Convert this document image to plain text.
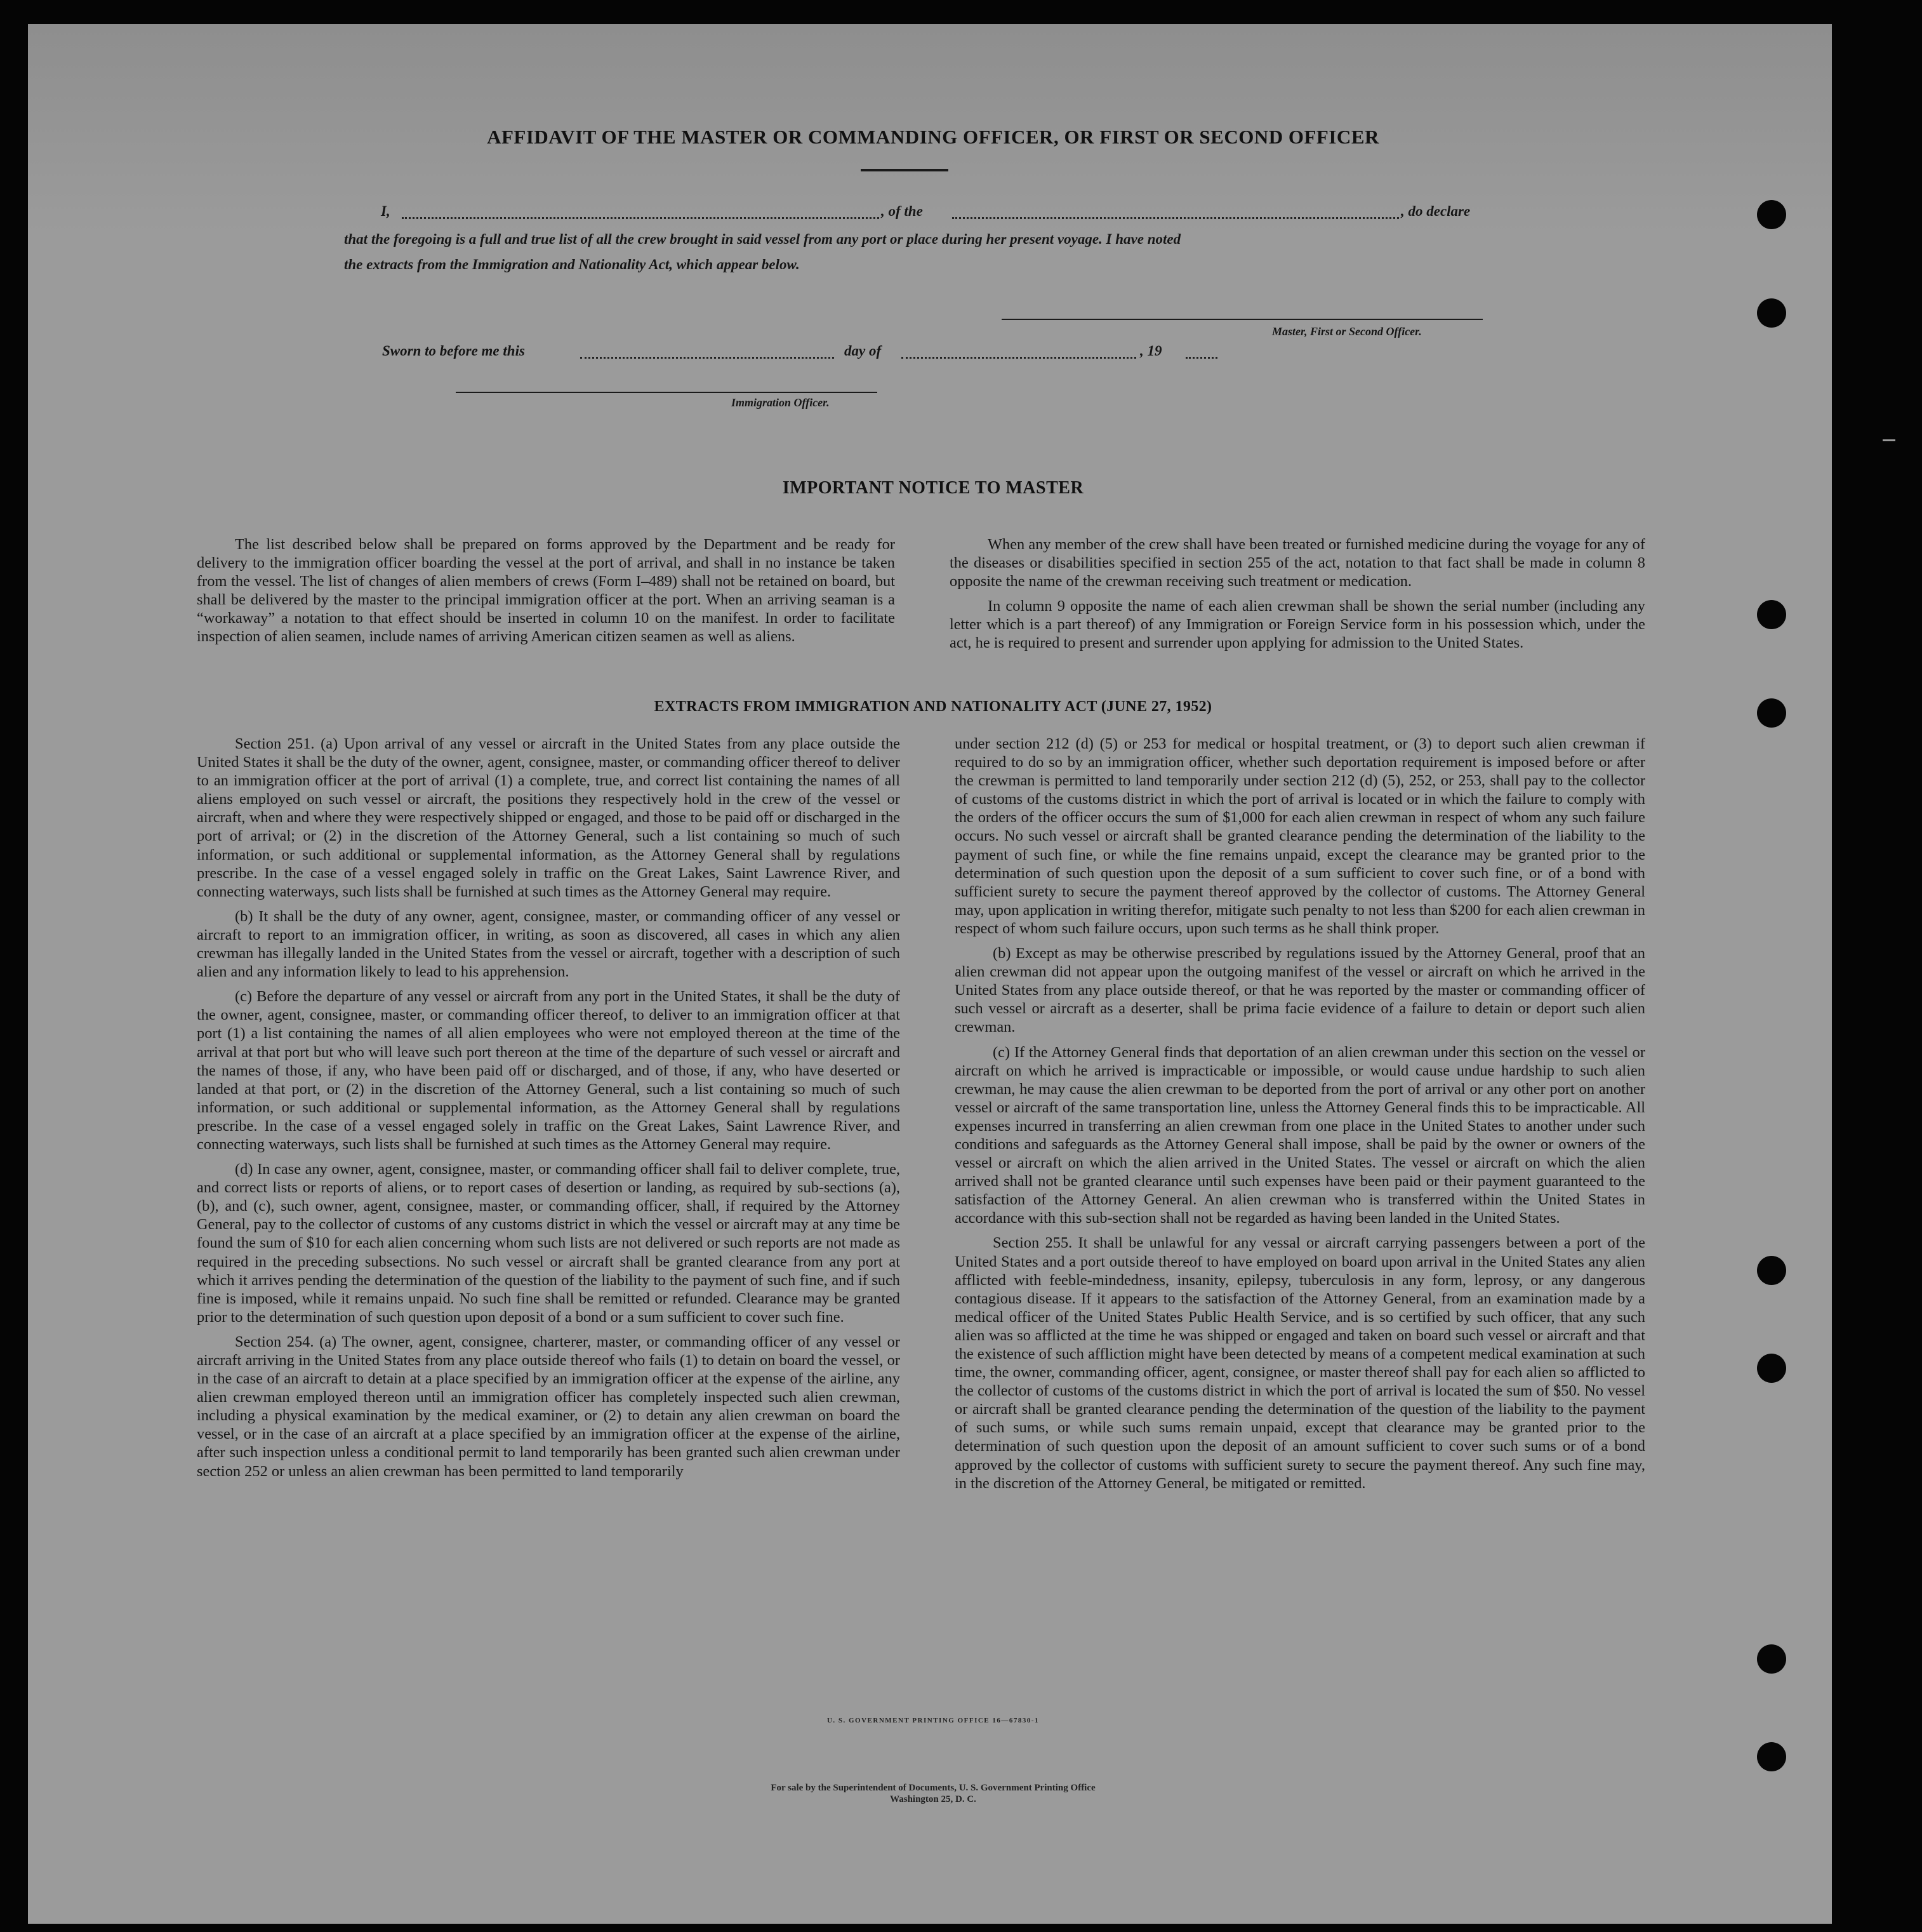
AFFIDAVIT OF THE MASTER OR COMMANDING OFFICER, OR FIRST OR SECOND OFFICER
I,	, of the	, do declare
that the foregoing is a full and true list of all the crew brought in said vessel from any port or place during her present voyage. I have noted
the extracts from the Immigration and Nationality Act, which appear below.
Master, First or Second Officer.
Sworn to before me this	day of	, 19
Immigration Officer.
IMPORTANT NOTICE TO MASTER

The list described below shall be prepared on forms approved by the Department and be ready for delivery to the immigration officer boarding the vessel at the port of arrival, and shall in no instance be taken from the vessel. The list of changes of alien members of crews (Form I–489) shall not be retained on board, but shall be delivered by the master to the principal immigration officer at the port. When an arriving seaman is a “workaway” a notation to that effect should be inserted in column 10 on the manifest. In order to facilitate inspection of alien seamen, include names of arriving American citizen seamen as well as aliens.

When any member of the crew shall have been treated or furnished medicine during the voyage for any of the diseases or disabilities specified in section 255 of the act, notation to that fact shall be made in column 8 opposite the name of the crewman receiving such treatment or medication.

In column 9 opposite the name of each alien crewman shall be shown the serial number (including any letter which is a part thereof) of any Immigration or Foreign Service form in his possession which, under the act, he is required to present and surrender upon applying for admission to the United States.

EXTRACTS FROM IMMIGRATION AND NATIONALITY ACT (JUNE 27, 1952)

Section 251. (a) Upon arrival of any vessel or aircraft in the United States from any place outside the United States it shall be the duty of the owner, agent, consignee, master, or commanding officer thereof to deliver to an immigration officer at the port of arrival (1) a complete, true, and correct list containing the names of all aliens employed on such vessel or aircraft, the positions they respectively hold in the crew of the vessel or aircraft, when and where they were respectively shipped or engaged, and those to be paid off or discharged in the port of arrival; or (2) in the discretion of the Attorney General, such a list containing so much of such information, or such additional or supplemental information, as the Attorney General shall by regulations prescribe. In the case of a vessel engaged solely in traffic on the Great Lakes, Saint Lawrence River, and connecting waterways, such lists shall be furnished at such times as the Attorney General may require.

(b) It shall be the duty of any owner, agent, consignee, master, or commanding officer of any vessel or aircraft to report to an immigration officer, in writing, as soon as discovered, all cases in which any alien crewman has illegally landed in the United States from the vessel or aircraft, together with a description of such alien and any information likely to lead to his apprehension.

(c) Before the departure of any vessel or aircraft from any port in the United States, it shall be the duty of the owner, agent, consignee, master, or commanding officer thereof, to deliver to an immigration officer at that port (1) a list containing the names of all alien employees who were not employed thereon at the time of the arrival at that port but who will leave such port thereon at the time of the departure of such vessel or aircraft and the names of those, if any, who have been paid off or discharged, and of those, if any, who have deserted or landed at that port, or (2) in the discretion of the Attorney General, such a list containing so much of such information, or such additional or supplemental information, as the Attorney General shall by regulations prescribe. In the case of a vessel engaged solely in traffic on the Great Lakes, Saint Lawrence River, and connecting waterways, such lists shall be furnished at such times as the Attorney General may require.

(d) In case any owner, agent, consignee, master, or commanding officer shall fail to deliver complete, true, and correct lists or reports of aliens, or to report cases of desertion or landing, as required by sub-sections (a), (b), and (c), such owner, agent, consignee, master, or commanding officer, shall, if required by the Attorney General, pay to the collector of customs of any customs district in which the vessel or aircraft may at any time be found the sum of $10 for each alien concerning whom such lists are not delivered or such reports are not made as required in the preceding subsections. No such vessel or aircraft shall be granted clearance from any port at which it arrives pending the determination of the question of the liability to the payment of such fine, and if such fine is imposed, while it remains unpaid. No such fine shall be remitted or refunded. Clearance may be granted prior to the determination of such question upon deposit of a bond or a sum sufficient to cover such fine.

Section 254. (a) The owner, agent, consignee, charterer, master, or commanding officer of any vessel or aircraft arriving in the United States from any place outside thereof who fails (1) to detain on board the vessel, or in the case of an aircraft to detain at a place specified by an immigration officer at the expense of the airline, any alien crewman employed thereon until an immigration officer has completely inspected such alien crewman, including a physical examination by the medical examiner, or (2) to detain any alien crewman on board the vessel, or in the case of an aircraft at a place specified by an immigration officer at the expense of the airline, after such inspection unless a conditional permit to land temporarily has been granted such alien crewman under section 252 or unless an alien crewman has been permitted to land temporarily

under section 212 (d) (5) or 253 for medical or hospital treatment, or (3) to deport such alien crewman if required to do so by an immigration officer, whether such deportation requirement is imposed before or after the crewman is permitted to land temporarily under section 212 (d) (5), 252, or 253, shall pay to the collector of customs of the customs district in which the port of arrival is located or in which the failure to comply with the orders of the officer occurs the sum of $1,000 for each alien crewman in respect of whom any such failure occurs. No such vessel or aircraft shall be granted clearance pending the determination of the liability to the payment of such fine, or while the fine remains unpaid, except the clearance may be granted prior to the determination of such question upon the deposit of a sum sufficient to cover such fine, or of a bond with sufficient surety to secure the payment thereof approved by the collector of customs. The Attorney General may, upon application in writing therefor, mitigate such penalty to not less than $200 for each alien crewman in respect of whom such failure occurs, upon such terms as he shall think proper.

(b) Except as may be otherwise prescribed by regulations issued by the Attorney General, proof that an alien crewman did not appear upon the outgoing manifest of the vessel or aircraft on which he arrived in the United States from any place outside thereof, or that he was reported by the master or commanding officer of such vessel or aircraft as a deserter, shall be prima facie evidence of a failure to detain or deport such alien crewman.

(c) If the Attorney General finds that deportation of an alien crewman under this section on the vessel or aircraft on which he arrived is impracticable or impossible, or would cause undue hardship to such alien crewman, he may cause the alien crewman to be deported from the port of arrival or any other port on another vessel or aircraft of the same transportation line, unless the Attorney General finds this to be impracticable. All expenses incurred in transferring an alien crewman from one place in the United States to another under such conditions and safeguards as the Attorney General shall impose, shall be paid by the owner or owners of the vessel or aircraft on which the alien arrived in the United States. The vessel or aircraft on which the alien arrived shall not be granted clearance until such expenses have been paid or their payment guaranteed to the satisfaction of the Attorney General. An alien crewman who is transferred within the United States in accordance with this sub-section shall not be regarded as having been landed in the United States.

Section 255. It shall be unlawful for any vessal or aircraft carrying passengers between a port of the United States and a port outside thereof to have employed on board upon arrival in the United States any alien afflicted with feeble-mindedness, insanity, epilepsy, tuberculosis in any form, leprosy, or any dangerous contagious disease. If it appears to the satisfaction of the Attorney General, from an examination made by a medical officer of the United States Public Health Service, and is so certified by such officer, that any such alien was so afflicted at the time he was shipped or engaged and taken on board such vessel or aircraft and that the existence of such affliction might have been detected by means of a competent medical examination at such time, the owner, commanding officer, agent, consignee, or master thereof shall pay for each alien so afflicted to the collector of customs of the customs district in which the port of arrival is located the sum of $50. No vessel or aircraft shall be granted clearance pending the determination of the question of the liability to the payment of such sums, or while such sums remain unpaid, except that clearance may be granted prior to the determination of such question upon the deposit of an amount sufficient to cover such sums or of a bond approved by the collector of customs with sufficient surety to secure the payment thereof. Any such fine may, in the discretion of the Attorney General, be mitigated or remitted.

U. S. GOVERNMENT PRINTING OFFICE 16—67830-1
For sale by the Superintendent of Documents, U. S. Government Printing Office
Washington 25, D. C.
